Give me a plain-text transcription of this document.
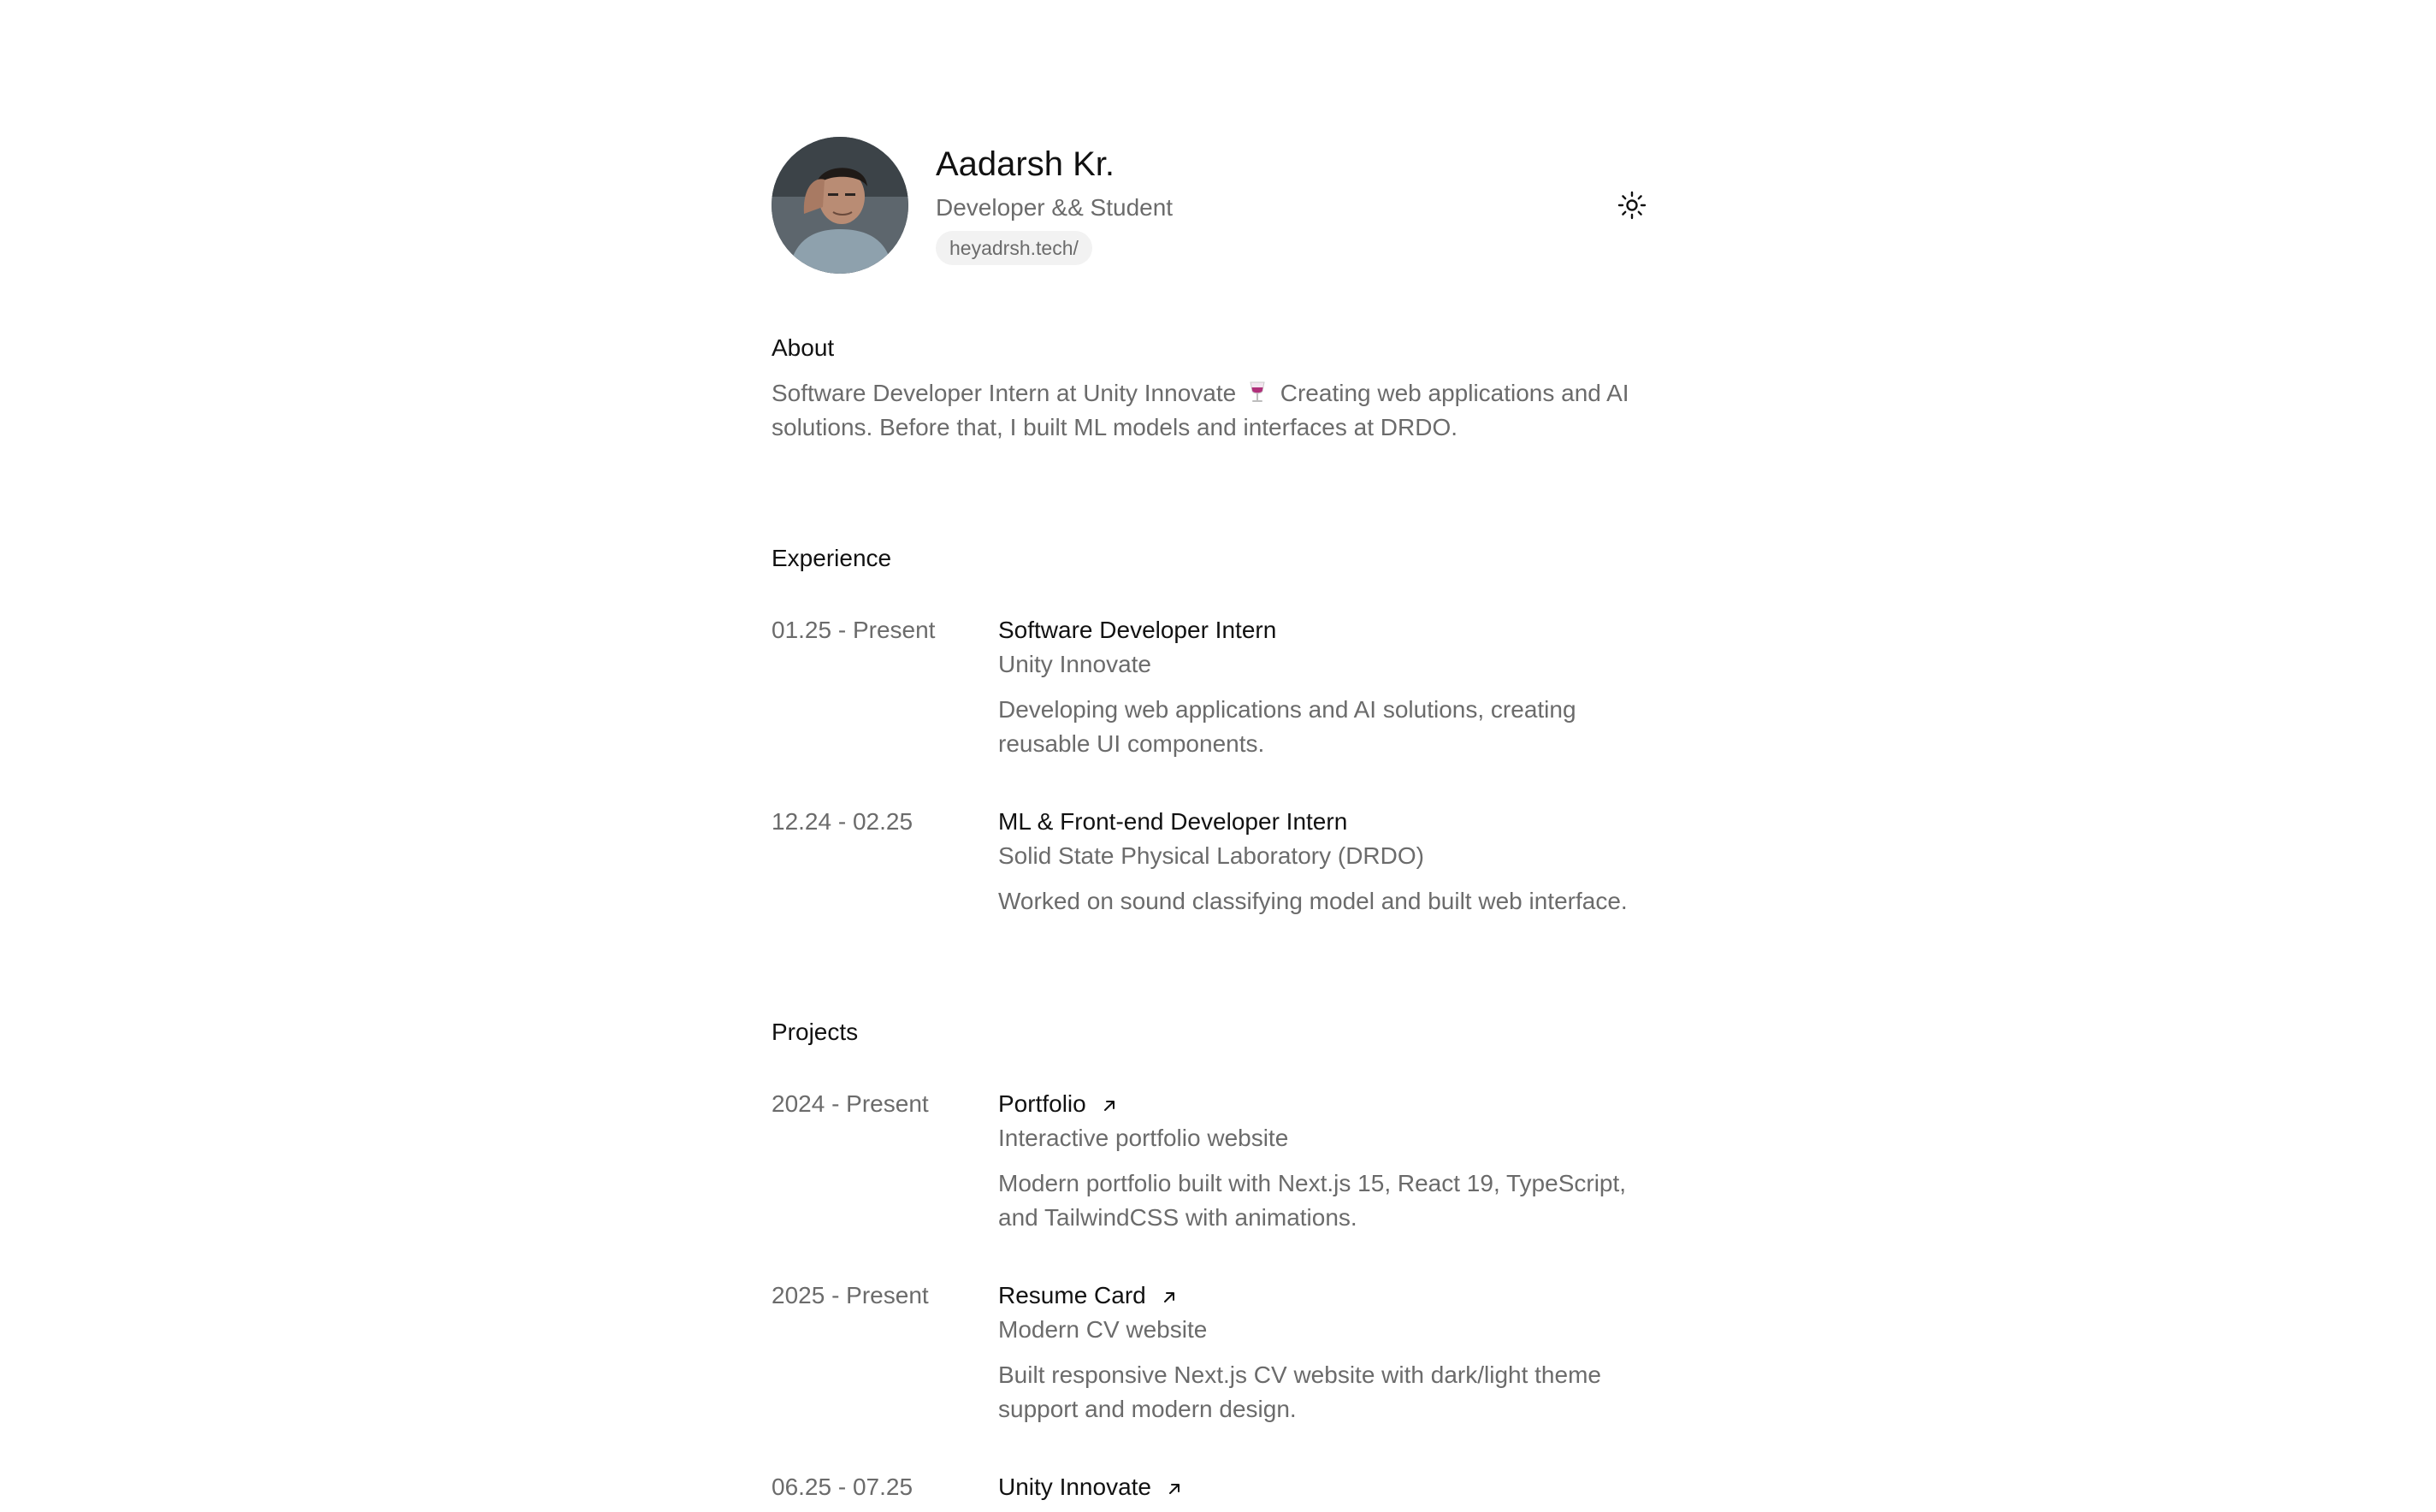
Aadarsh Kr.
Developer && Student
heyadrsh.tech/
About
Software Developer Intern at Unity Innovate Creating web applications and AI solutions. Before that, I built ML models and interfaces at DRDO.
Experience
01.25 - Present	Software Developer Intern
Unity Innovate
Developing web applications and AI solutions, creating reusable UI components.
12.24 - 02.25	ML & Front-end Developer Intern
Solid State Physical Laboratory (DRDO)
Worked on sound classifying model and built web interface.
Projects
2024 - Present	Portfolio
Interactive portfolio website
Modern portfolio built with Next.js 15, React 19, TypeScript, and TailwindCSS with animations.
2025 - Present	Resume Card
Modern CV website
Built responsive Next.js CV website with dark/light theme support and modern design.
06.25 - 07.25	Unity Innovate
